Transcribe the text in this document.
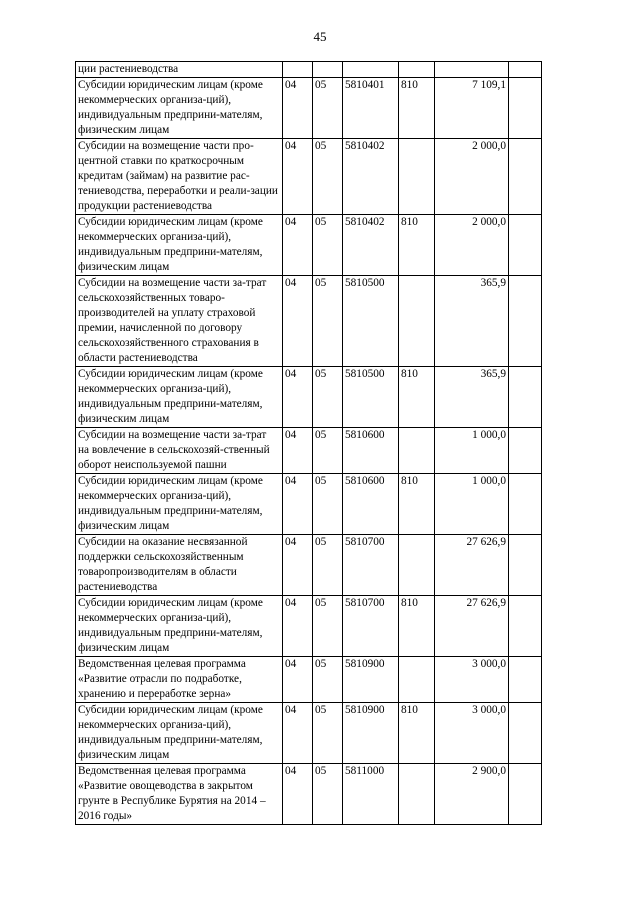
45
ции растениеводства						
Субсидии юридическим лицам (кроме некоммерческих организа-ций), индивидуальным предприни-мателям, физическим лицам	04	05	5810401	810	7 109,1	
Субсидии на возмещение части про-центной ставки по краткосрочным кредитам (займам) на развитие рас-тениеводства, переработки и реали-зации продукции растениеводства	04	05	5810402		2 000,0	
Субсидии юридическим лицам (кроме некоммерческих организа-ций), индивидуальным предприни-мателям, физическим лицам	04	05	5810402	810	2 000,0	
Субсидии на возмещение части за-трат сельскохозяйственных товаро-производителей на уплату страховой премии, начисленной по договору сельскохозяйственного страхования в области растениеводства	04	05	5810500		365,9	
Субсидии юридическим лицам (кроме некоммерческих организа-ций), индивидуальным предприни-мателям, физическим лицам	04	05	5810500	810	365,9	
Субсидии на возмещение части за-трат на вовлечение в сельскохозяй-ственный оборот неиспользуемой пашни	04	05	5810600		1 000,0	
Субсидии юридическим лицам (кроме некоммерческих организа-ций), индивидуальным предприни-мателям, физическим лицам	04	05	5810600	810	1 000,0	
Субсидии на оказание несвязанной поддержки сельскохозяйственным товаропроизводителям в области растениеводства	04	05	5810700		27 626,9	
Субсидии юридическим лицам (кроме некоммерческих организа-ций), индивидуальным предприни-мателям, физическим лицам	04	05	5810700	810	27 626,9	
Ведомственная целевая программа «Развитие отрасли по подработке, хранению и переработке зерна»	04	05	5810900		3 000,0	
Субсидии юридическим лицам (кроме некоммерческих организа-ций), индивидуальным предприни-мателям, физическим лицам	04	05	5810900	810	3 000,0	
Ведомственная целевая программа «Развитие овощеводства в закрытом грунте в Республике Бурятия на 2014 – 2016 годы»	04	05	5811000		2 900,0	
